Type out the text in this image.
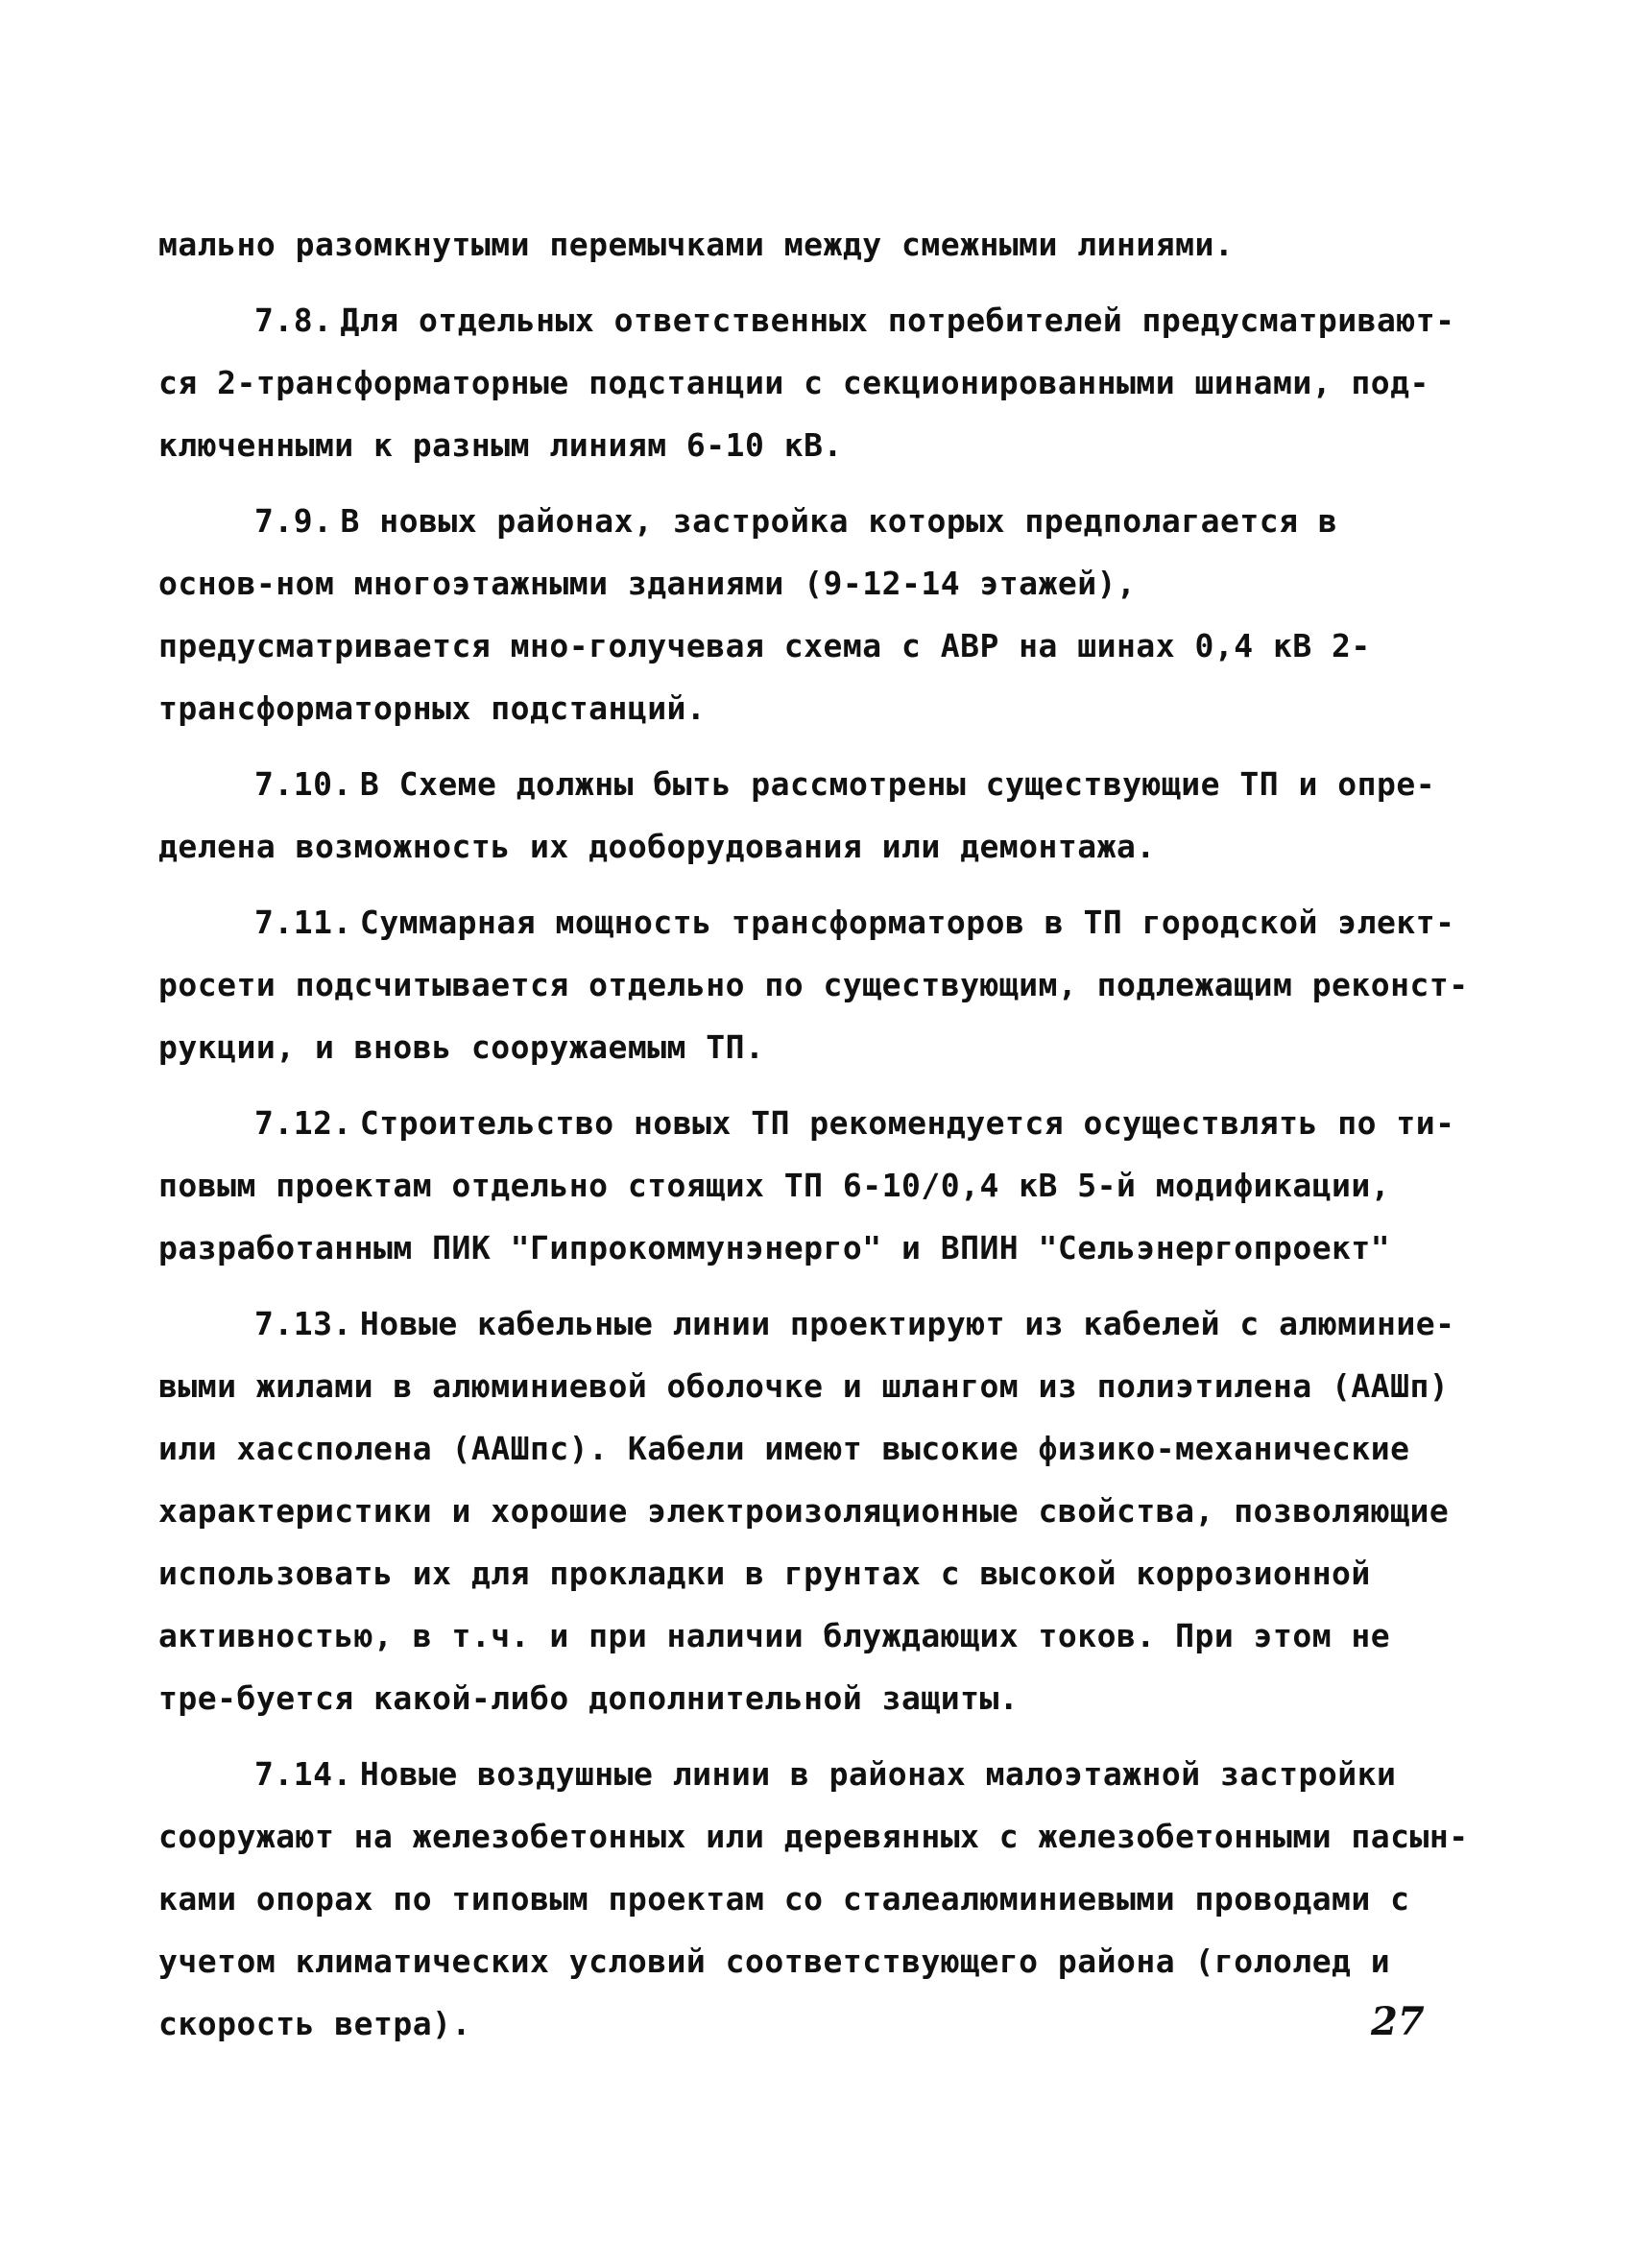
мально разомкнутыми перемычками между смежными линиями.

7.8. Для отдельных ответственных потребителей предусматривают-ся 2-трансформаторные подстанции с секционированными шинами, под-ключенными к разным линиям 6-10 кВ.

7.9. В новых районах, застройка которых предполагается в основ-ном многоэтажными зданиями (9-12-14 этажей), предусматривается мно-голучевая схема с АВР на шинах 0,4 кВ 2-трансформаторных подстанций.

7.10. В Схеме должны быть рассмотрены существующие ТП и опре-делена возможность их дооборудования или демонтажа.

7.11. Суммарная мощность трансформаторов в ТП городской элект-росети подсчитывается отдельно по существующим, подлежащим реконст-рукции, и вновь сооружаемым ТП.

7.12. Строительство новых ТП рекомендуется осуществлять по ти-повым проектам отдельно стоящих ТП 6-10/0,4 кВ 5-й модификации, разработанным ПИК "Гипрокоммунэнерго" и ВПИН "Сельэнергопроект"

7.13. Новые кабельные линии проектируют из кабелей с алюминие-выми жилами в алюминиевой оболочке и шлангом из полиэтилена (ААШп) или хассполена (ААШпс). Кабели имеют высокие физико-механические характеристики и хорошие электроизоляционные свойства, позволяющие использовать их для прокладки в грунтах с высокой коррозионной активностью, в т.ч. и при наличии блуждающих токов. При этом не тре-буется какой-либо дополнительной защиты.

7.14. Новые воздушные линии в районах малоэтажной застройки сооружают на железобетонных или деревянных с железобетонными пасын-ками опорах по типовым проектам со сталеалюминиевыми проводами с учетом климатических условий соответствующего района (гололед и скорость ветра).	27
